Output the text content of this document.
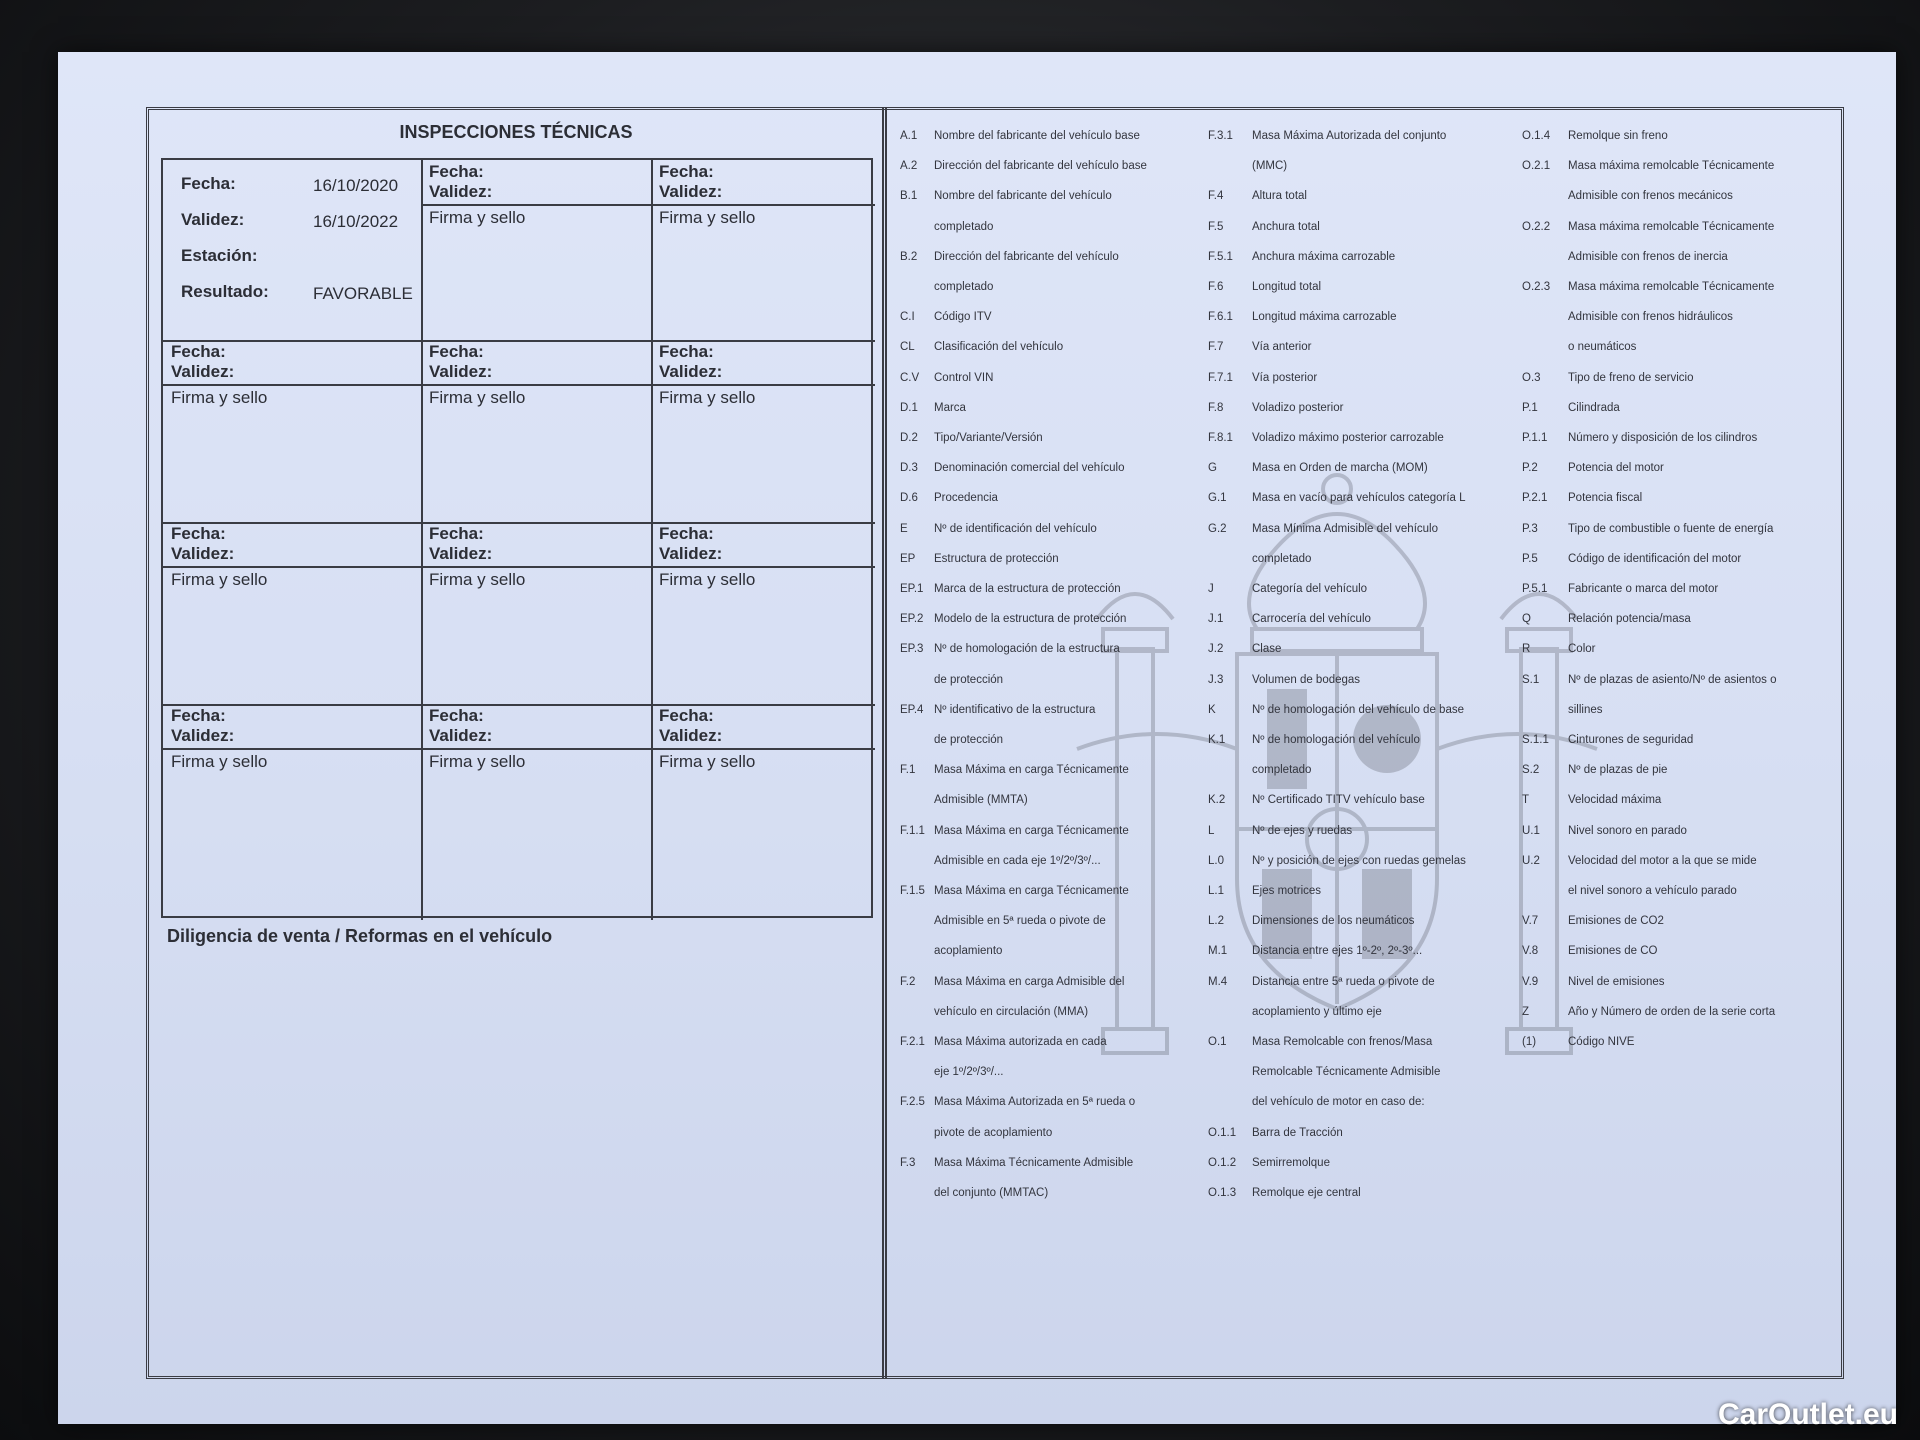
INSPECCIONES TÉCNICAS
Fecha:	16/10/2020
Validez:	16/10/2022
Estación:
Resultado:	FAVORABLE
Fecha:
Validez:
Firma y sello
Fecha:
Validez:
Firma y sello
Fecha:
Validez:
Firma y sello
Fecha:
Validez:
Firma y sello
Fecha:
Validez:
Firma y sello
Fecha:
Validez:
Firma y sello
Fecha:
Validez:
Firma y sello
Fecha:
Validez:
Firma y sello
Fecha:
Validez:
Firma y sello
Fecha:
Validez:
Firma y sello
Fecha:
Validez:
Firma y sello
Diligencia de venta / Reformas en el vehículo
A.1 Nombre del fabricante del vehículo base
A.2 Dirección del fabricante del vehículo base
B.1 Nombre del fabricante del vehículo
completado
B.2 Dirección del fabricante del vehículo
completado
C.I Código ITV
CL Clasificación del vehículo
C.V Control VIN
D.1 Marca
D.2 Tipo/Variante/Versión
D.3 Denominación comercial del vehículo
D.6 Procedencia
E Nº de identificación del vehículo
EP Estructura de protección
EP.1 Marca de la estructura de protección
EP.2 Modelo de la estructura de protección
EP.3 Nº de homologación de la estructura
de protección
EP.4 Nº identificativo de la estructura
de protección
F.1 Masa Máxima en carga Técnicamente
Admisible (MMTA)
F.1.1 Masa Máxima en carga Técnicamente
Admisible en cada eje 1º/2º/3º/...
F.1.5 Masa Máxima en carga Técnicamente
Admisible en 5ª rueda o pivote de
acoplamiento
F.2 Masa Máxima en carga Admisible del
vehículo en circulación (MMA)
F.2.1 Masa Máxima autorizada en cada
eje 1º/2º/3º/...
F.2.5 Masa Máxima Autorizada en 5ª rueda o
pivote de acoplamiento
F.3 Masa Máxima Técnicamente Admisible
del conjunto (MMTAC)
F.3.1 Masa Máxima Autorizada del conjunto
(MMC)
F.4 Altura total
F.5 Anchura total
F.5.1 Anchura máxima carrozable
F.6 Longitud total
F.6.1 Longitud máxima carrozable
F.7 Vía anterior
F.7.1 Vía posterior
F.8 Voladizo posterior
F.8.1 Voladizo máximo posterior carrozable
G	Masa en Orden de marcha (MOM)
G.1 Masa en vacío para vehículos categoría L
G.2 Masa Mínima Admisible del vehículo
completado
J	Categoría del vehículo
J.1 Carrocería del vehículo
J.2 Clase
J.3 Volumen de bodegas
K	Nº de homologación del vehículo de base
K.1 Nº de homologación del vehículo
completado
K.2 Nº Certificado TITV vehículo base
L	Nº de ejes y ruedas
L.0 Nº y posición de ejes con ruedas gemelas
L.1 Ejes motrices
L.2 Dimensiones de los neumáticos
M.1 Distancia entre ejes 1º-2º, 2º-3º...
M.4 Distancia entre 5ª rueda o pivote de
acoplamiento y último eje
O.1 Masa Remolcable con frenos/Masa
Remolcable Técnicamente Admisible
del vehículo de motor en caso de:
O.1.1 Barra de Tracción
O.1.2 Semirremolque
O.1.3 Remolque eje central
O.1.4 Remolque sin freno
O.2.1 Masa máxima remolcable Técnicamente
Admisible con frenos mecánicos
O.2.2 Masa máxima remolcable Técnicamente
Admisible con frenos de inercia
O.2.3 Masa máxima remolcable Técnicamente
Admisible con frenos hidráulicos
o neumáticos
O.3 Tipo de freno de servicio
P.1	Cilindrada
P.1.1 Número y disposición de los cilindros
P.2	Potencia del motor
P.2.1 Potencia fiscal
P.3	Tipo de combustible o fuente de energía
P.5	Código de identificación del motor
P.5.1 Fabricante o marca del motor
Q	Relación potencia/masa
R	Color
S.1 Nº de plazas de asiento/Nº de asientos o
sillines
S.1.1 Cinturones de seguridad
S.2 Nº de plazas de pie
T	Velocidad máxima
U.1 Nivel sonoro en parado
U.2 Velocidad del motor a la que se mide
el nivel sonoro a vehículo parado
V.7	Emisiones de CO2
V.8	Emisiones de CO
V.9	Nivel de emisiones
Z	Año y Número de orden de la serie corta
(1)	Código NIVE
CarOutlet.eu
